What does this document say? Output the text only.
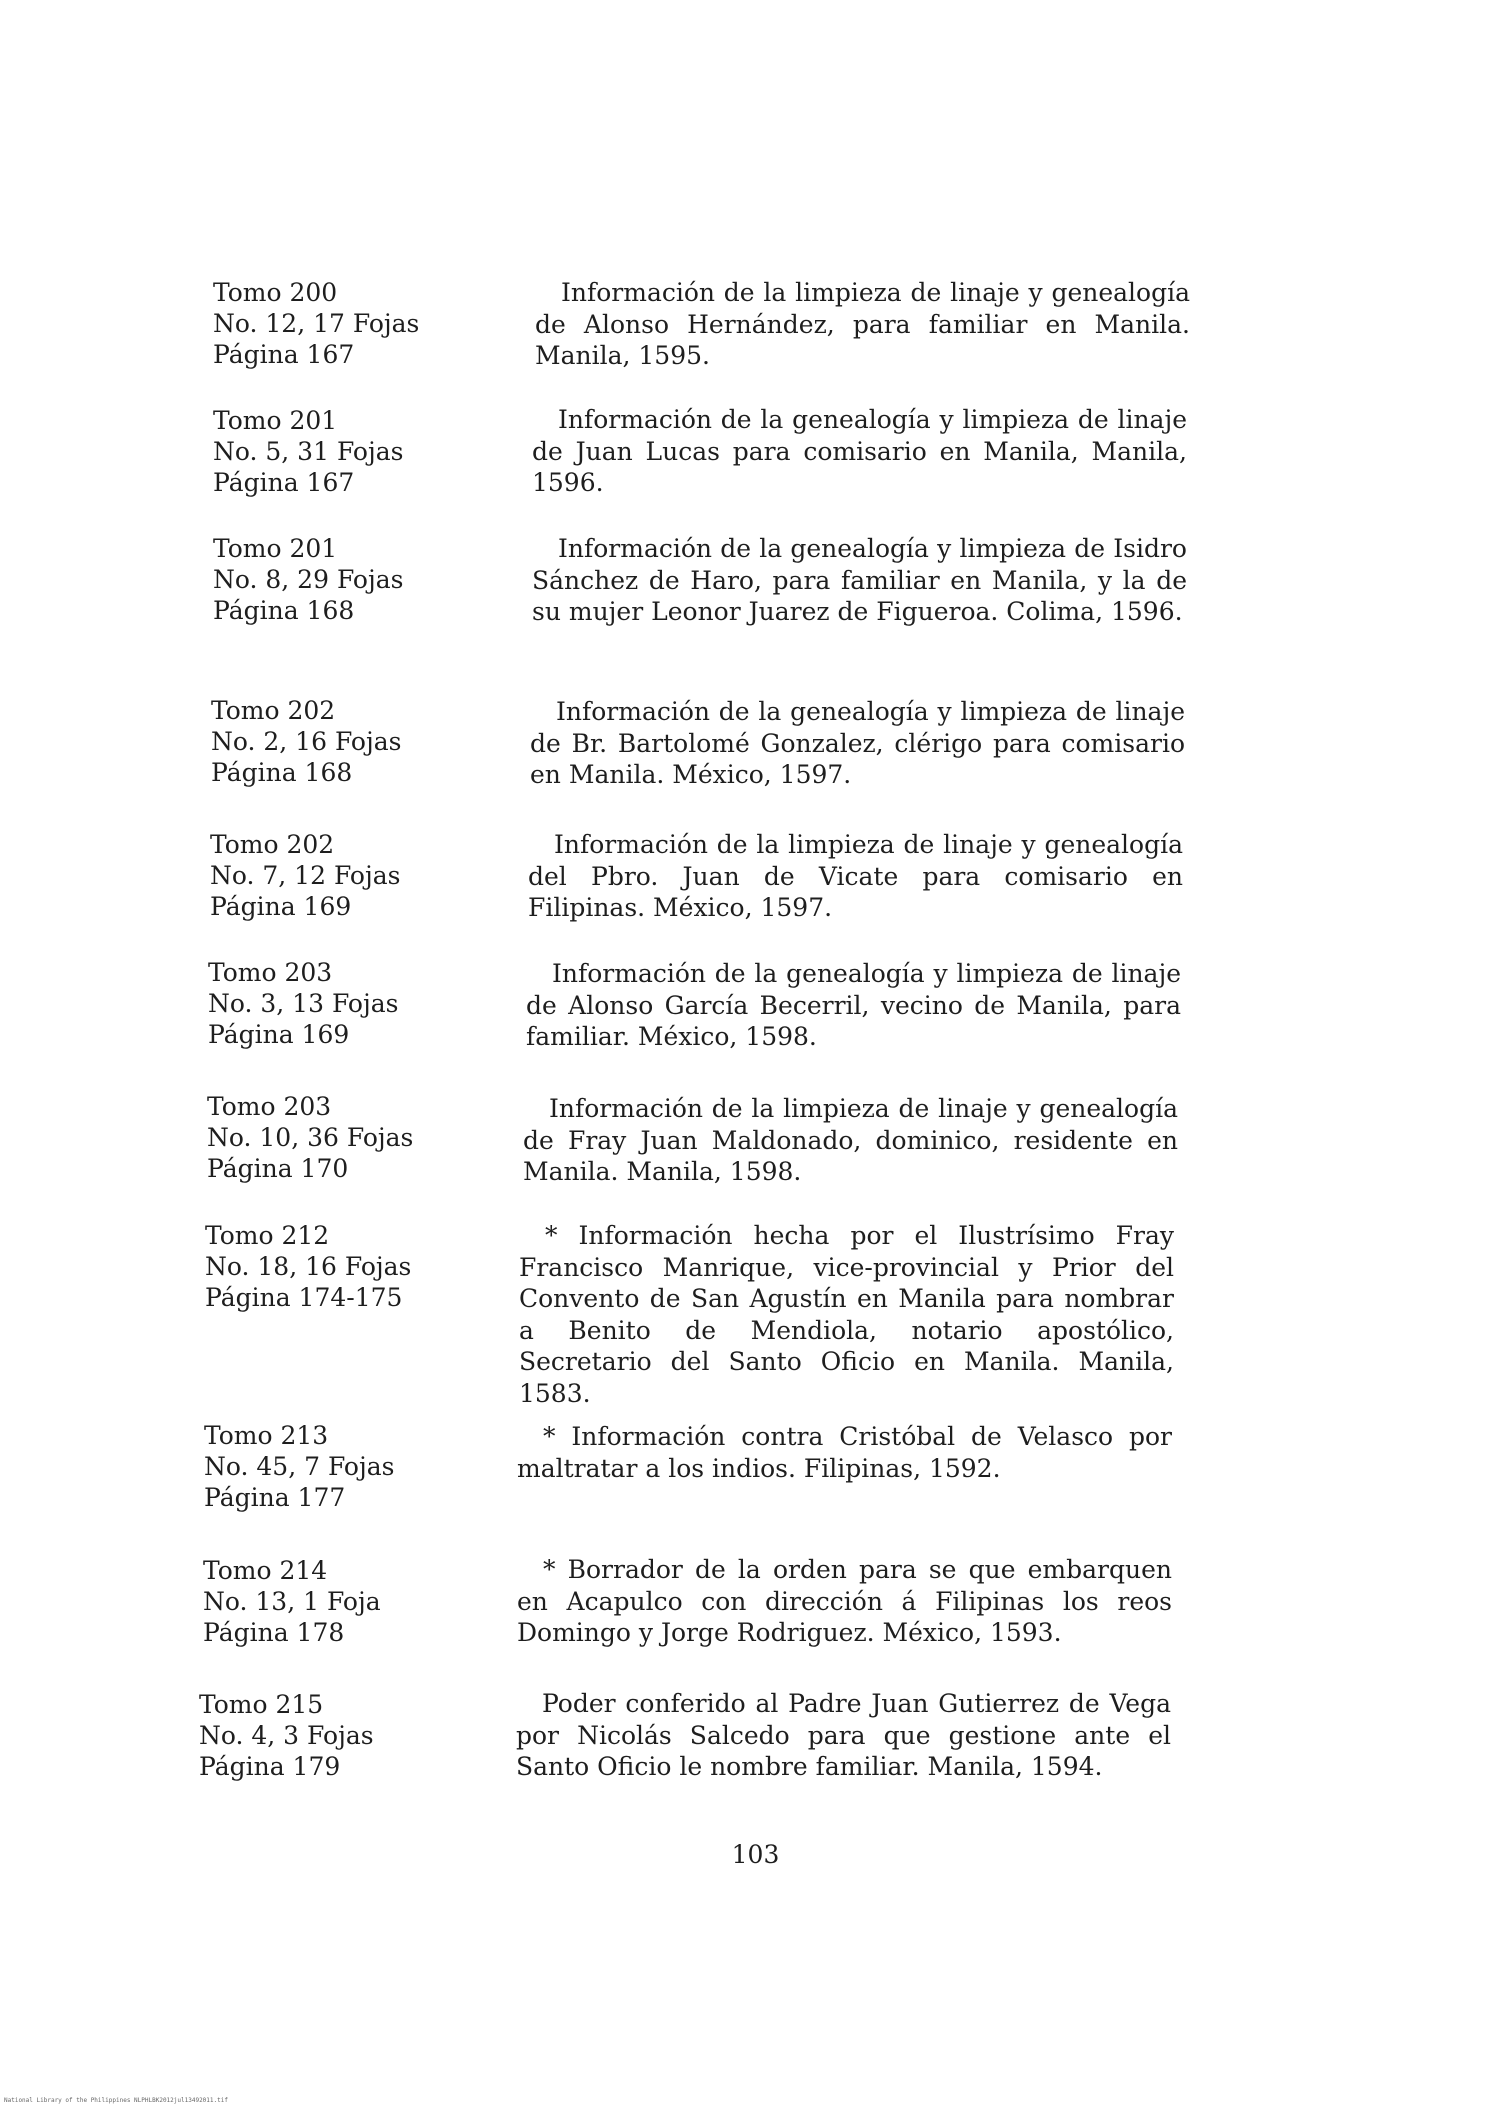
Tomo 200
No. 12, 17 Fojas
Página 167

Información de la limpieza de linaje y genealogía de Alonso Hernández, para familiar en Manila. Manila, 1595.

Tomo 201
No. 5, 31 Fojas
Página 167

Información de la genealogía y limpieza de linaje de Juan Lucas para comisario en Manila, Manila, 1596.

Tomo 201
No. 8, 29 Fojas
Página 168

Información de la genealogía y limpieza de Isidro Sánchez de Haro, para familiar en Manila, y la de su mujer Leonor Juarez de Figueroa. Colima, 1596.

Tomo 202
No. 2, 16 Fojas
Página 168

Información de la genealogía y limpieza de linaje de Br. Bartolomé Gonzalez, clérigo para comisario en Manila. México, 1597.

Tomo 202
No. 7, 12 Fojas
Página 169

Información de la limpieza de linaje y genealogía del Pbro. Juan de Vicate para comisario en Filipinas. México, 1597.

Tomo 203
No. 3, 13 Fojas
Página 169

Información de la genealogía y limpieza de linaje de Alonso García Becerril, vecino de Manila, para familiar. México, 1598.

Tomo 203
No. 10, 36 Fojas
Página 170

Información de la limpieza de linaje y genealogía de Fray Juan Maldonado, dominico, residente en Manila. Manila, 1598.

Tomo 212
No. 18, 16 Fojas
Página 174-175

* Información hecha por el Ilustrísimo Fray Francisco Manrique, vice-provincial y Prior del Convento de San Agustín en Manila para nombrar a Benito de Mendiola, notario apostólico, Secretario del Santo Oficio en Manila. Manila, 1583.

Tomo 213
No. 45, 7 Fojas
Página 177

* Información contra Cristóbal de Velasco por maltratar a los indios. Filipinas, 1592.

Tomo 214
No. 13, 1 Foja
Página 178

* Borrador de la orden para se que embarquen en Acapulco con dirección á Filipinas los reos Domingo y Jorge Rodriguez. México, 1593.

Tomo 215
No. 4, 3 Fojas
Página 179

Poder conferido al Padre Juan Gutierrez de Vega por Nicolás Salcedo para que gestione ante el Santo Oficio le nombre familiar. Manila, 1594.

103
National Library of the Philippines NLPHLBK2012jul13492011.tif
